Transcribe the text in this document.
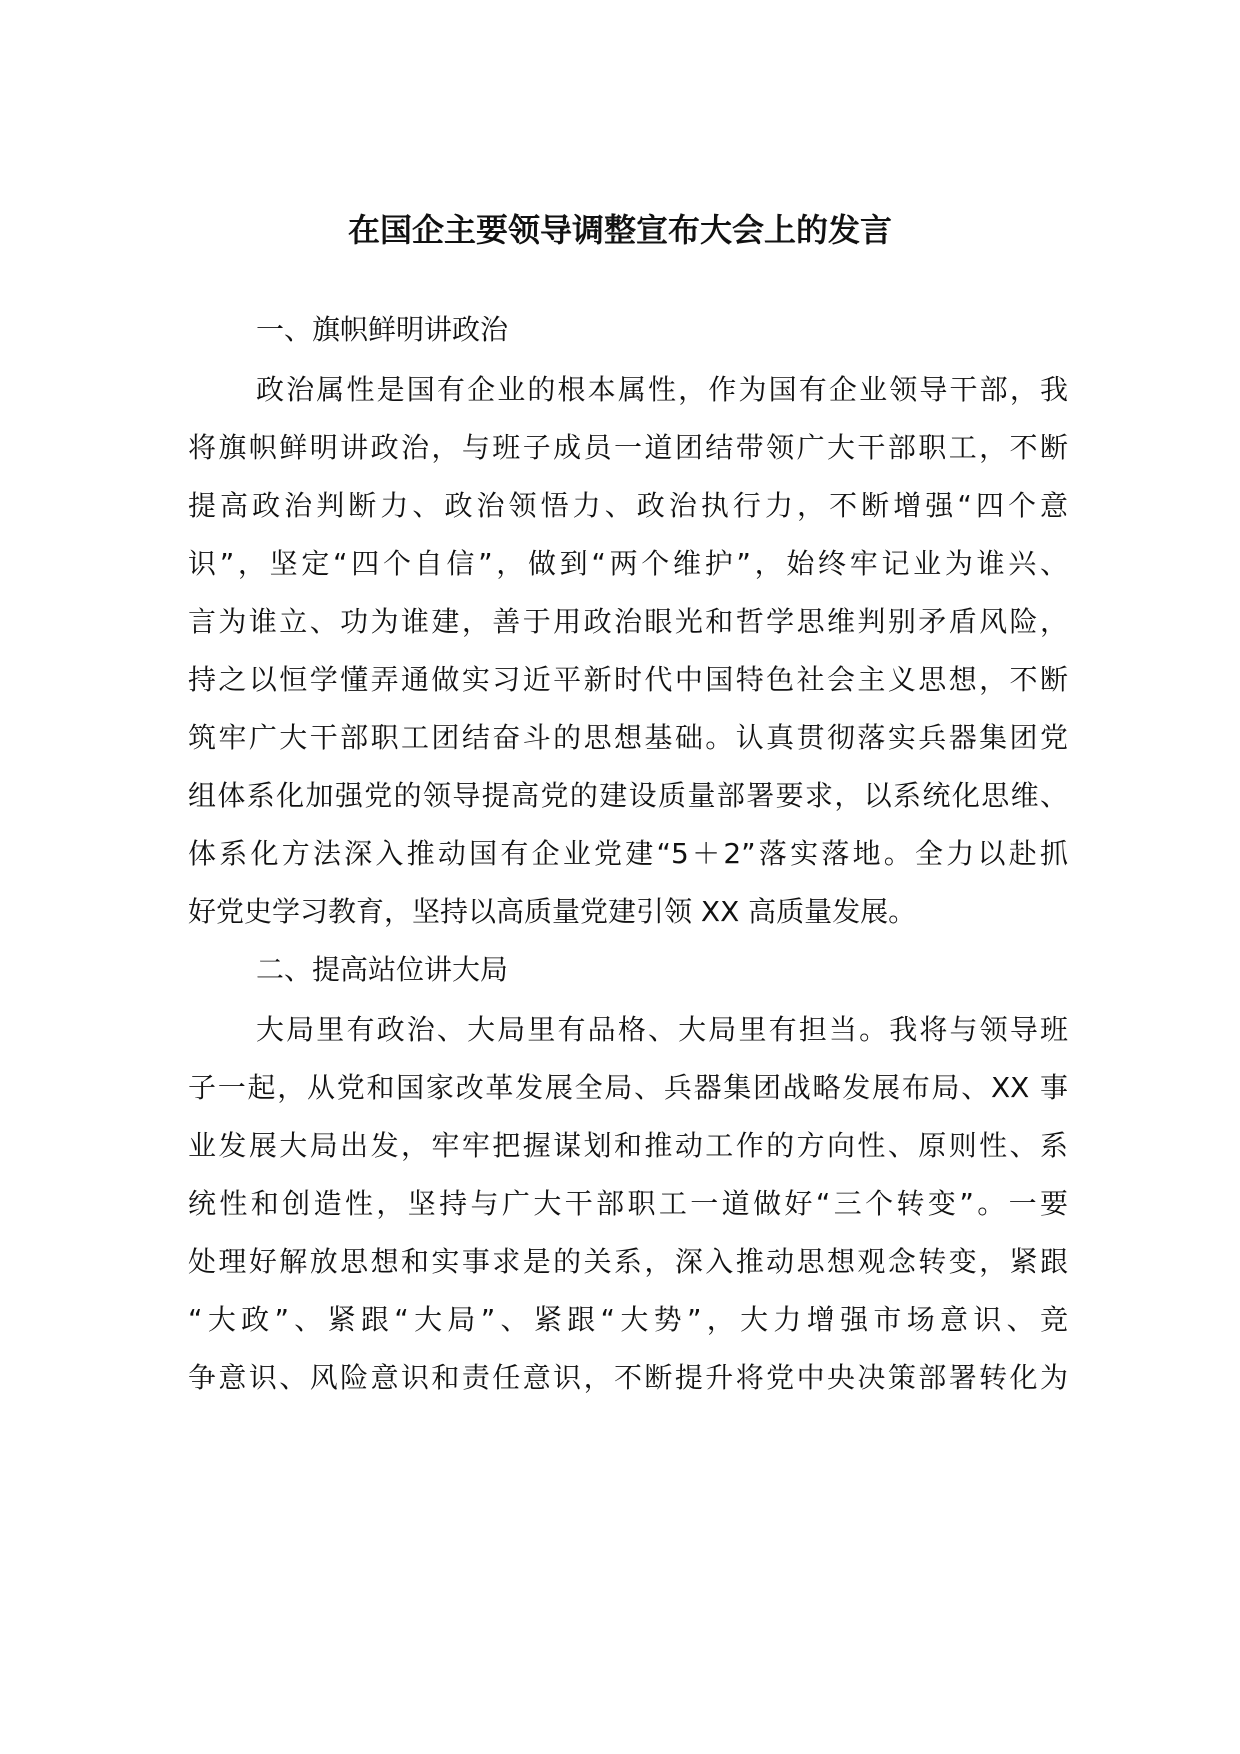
在国企主要领导调整宣布大会上的发言
一、旗帜鲜明讲政治
政治属性是国有企业的根本属性，作为国有企业领导干部，我
将旗帜鲜明讲政治，与班子成员一道团结带领广大干部职工，不断
提高政治判断力、政治领悟力、政治执行力，不断增强“四个意
识”，坚定“四个自信”，做到“两个维护”，始终牢记业为谁兴、
言为谁立、功为谁建，善于用政治眼光和哲学思维判别矛盾风险，
持之以恒学懂弄通做实习近平新时代中国特色社会主义思想，不断
筑牢广大干部职工团结奋斗的思想基础。认真贯彻落实兵器集团党
组体系化加强党的领导提高党的建设质量部署要求，以系统化思维、
体系化方法深入推动国有企业党建“5＋2”落实落地。全力以赴抓
好党史学习教育，坚持以高质量党建引领 XX 高质量发展。
二、提高站位讲大局
大局里有政治、大局里有品格、大局里有担当。我将与领导班
子一起，从党和国家改革发展全局、兵器集团战略发展布局、XX 事
业发展大局出发，牢牢把握谋划和推动工作的方向性、原则性、系
统性和创造性，坚持与广大干部职工一道做好“三个转变”。一要
处理好解放思想和实事求是的关系，深入推动思想观念转变，紧跟
“大政”、紧跟“大局”、紧跟“大势”，大力增强市场意识、竞
争意识、风险意识和责任意识，不断提升将党中央决策部署转化为
